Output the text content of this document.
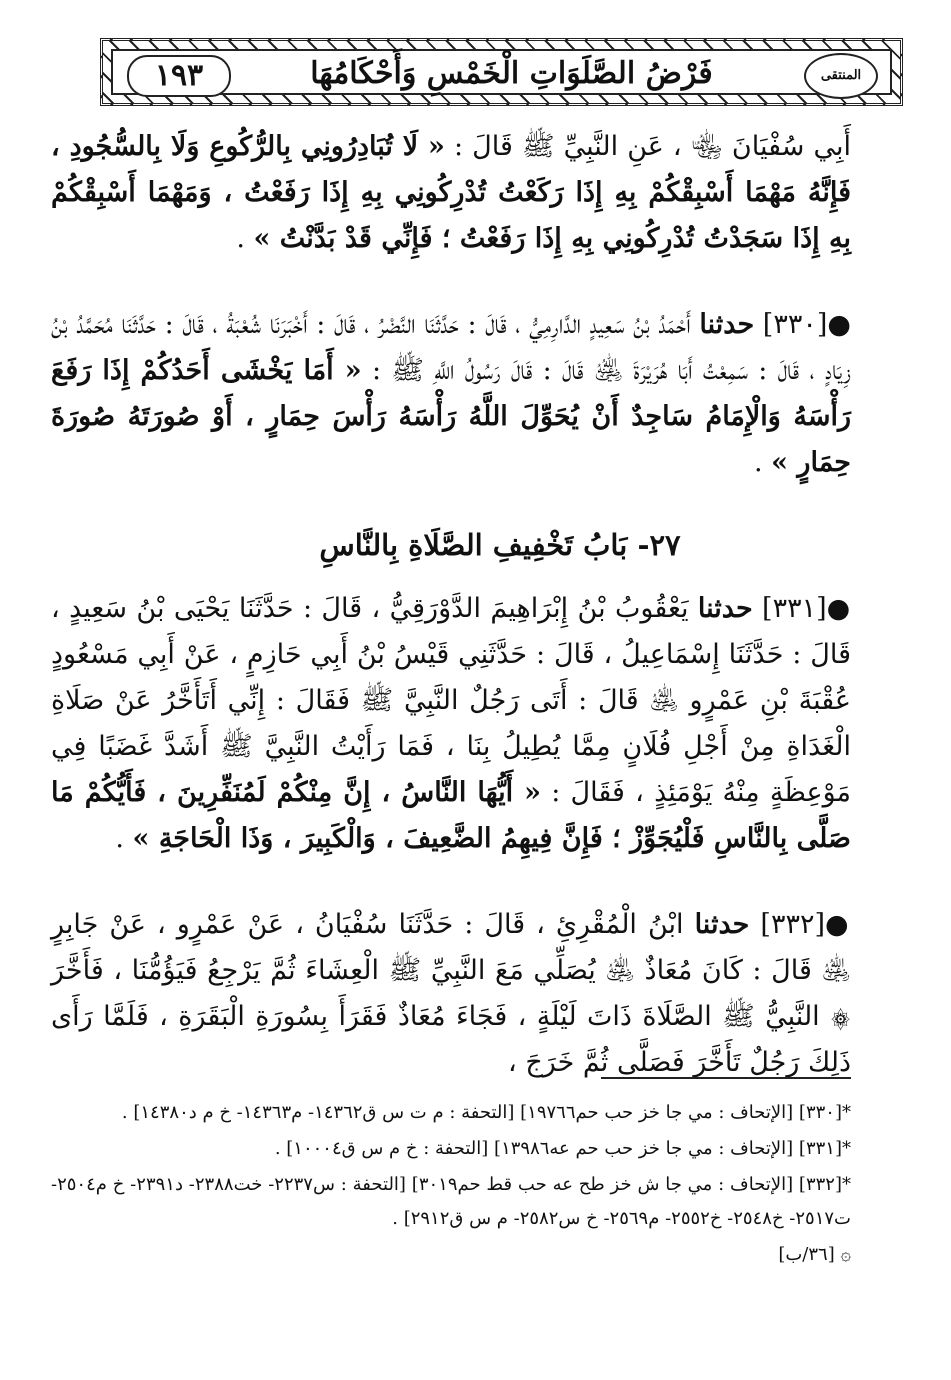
١٩٣	فَرْضُ الصَّلَوَاتِ الْخَمْسِ وَأَحْكَامُهَا	المنتقى
أَبِي سُفْيَانَ ﵄ ، عَنِ النَّبِيِّ ﷺ قَالَ : « لَا تُبَادِرُونِي بِالرُّكُوعِ وَلَا بِالسُّجُودِ ، فَإِنَّهُ مَهْمَا أَسْبِقْكُمْ بِهِ إِذَا رَكَعْتُ تُدْرِكُونِي بِهِ إِذَا رَفَعْتُ ، وَمَهْمَا أَسْبِقْكُمْ بِهِ إِذَا سَجَدْتُ تُدْرِكُونِي بِهِ إِذَا رَفَعْتُ ؛ فَإِنِّي قَدْ بَدَّنْتُ » .
●[٣٣٠] حدثنا أَحْمَدُ بْنُ سَعِيدٍ الدَّارِمِيُّ ، قَالَ : حَدَّثَنَا النَّضْرُ ، قَالَ : أَخْبَرَنَا شُعْبَةُ ، قَالَ : حَدَّثَنَا مُحَمَّدُ بْنُ زِيَادٍ ، قَالَ : سَمِعْتُ أَبَا هُرَيْرَةَ ﵁ قَالَ : قَالَ رَسُولُ اللَّهِ ﷺ : « أَمَا يَخْشَى أَحَدُكُمْ إِذَا رَفَعَ رَأْسَهُ وَالْإِمَامُ سَاجِدٌ أَنْ يُحَوِّلَ اللَّهُ رَأْسَهُ رَأْسَ حِمَارٍ ، أَوْ صُورَتَهُ صُورَةَ حِمَارٍ » .
٢٧- بَابُ تَخْفِيفِ الصَّلَاةِ بِالنَّاسِ
●[٣٣١] حدثنا يَعْقُوبُ بْنُ إِبْرَاهِيمَ الدَّوْرَقِيُّ ، قَالَ : حَدَّثَنَا يَحْيَى بْنُ سَعِيدٍ ، قَالَ : حَدَّثَنَا إِسْمَاعِيلُ ، قَالَ : حَدَّثَنِي قَيْسُ بْنُ أَبِي حَازِمٍ ، عَنْ أَبِي مَسْعُودٍ عُقْبَةَ بْنِ عَمْرٍو ﵁ قَالَ : أَتَى رَجُلٌ النَّبِيَّ ﷺ فَقَالَ : إِنِّي أَتَأَخَّرُ عَنْ صَلَاةِ الْغَدَاةِ مِنْ أَجْلِ فُلَانٍ مِمَّا يُطِيلُ بِنَا ، فَمَا رَأَيْتُ النَّبِيَّ ﷺ أَشَدَّ غَضَبًا فِي مَوْعِظَةٍ مِنْهُ يَوْمَئِذٍ ، فَقَالَ : « أَيُّهَا النَّاسُ ، إِنَّ مِنْكُمْ لَمُنَفِّرِينَ ، فَأَيُّكُمْ مَا صَلَّى بِالنَّاسِ فَلْيُجَوِّزْ ؛ فَإِنَّ فِيهِمُ الضَّعِيفَ ، وَالْكَبِيرَ ، وَذَا الْحَاجَةِ » .
●[٣٣٢] حدثنا ابْنُ الْمُقْرِئِ ، قَالَ : حَدَّثَنَا سُفْيَانُ ، عَنْ عَمْرٍو ، عَنْ جَابِرٍ ﵁ قَالَ : كَانَ مُعَاذٌ ﵁ يُصَلِّي مَعَ النَّبِيِّ ﷺ الْعِشَاءَ ثُمَّ يَرْجِعُ فَيَؤُمُّنَا ، فَأَخَّرَ ۞ النَّبِيُّ ﷺ الصَّلَاةَ ذَاتَ لَيْلَةٍ ، فَجَاءَ مُعَاذٌ فَقَرَأَ بِسُورَةِ الْبَقَرَةِ ، فَلَمَّا رَأَى ذَلِكَ رَجُلٌ تَأَخَّرَ فَصَلَّى ثُمَّ خَرَجَ ،
*[٣٣٠] [الإتحاف : مي جا خز حب حم١٩٧٦٦] [التحفة : م ت س ق١٤٣٦٢- م١٤٣٦٣- خ م د١٤٣٨٠] .
*[٣٣١] [الإتحاف : مي جا خز حب حم عه١٣٩٨٦] [التحفة : خ م س ق١٠٠٠٤] .
*[٣٣٢] [الإتحاف : مي جا ش خز طح عه حب قط حم٣٠١٩] [التحفة : س٢٢٣٧- خت٢٣٨٨- د٢٣٩١- خ م٢٥٠٤- ت٢٥١٧- خ٢٥٤٨- خ٢٥٥٢- م٢٥٦٩- خ س٢٥٨٢- م س ق٢٩١٢] .
۞ [٣٦/ب]
